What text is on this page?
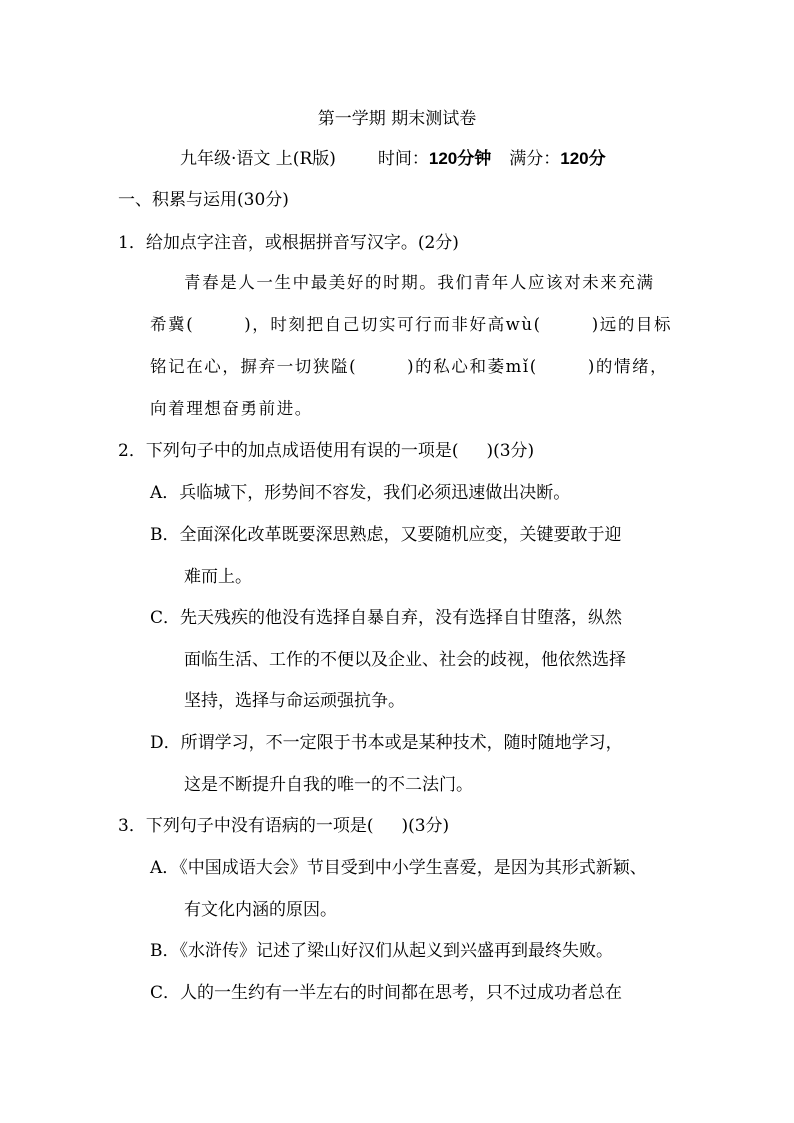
第一学期 期末测试卷
九年级·语文 上(R版) 时间：120分钟 满分：120分
一、积累与运用(30分)
1．给加点字注音，或根据拼音写汉字。(2分)
青春是人一生中最美好的时期。我们青年人应该对未来充满
希冀(	)，时刻把自己切实可行而非好高wù(	)远的目标
铭记在心，摒弃一切狭隘(	)的私心和萎mǐ(	)的情绪，
向着理想奋勇前进。
2．下列句子中的加点成语使用有误的一项是( )(3分)
A．兵临城下，形势间不容发，我们必须迅速做出决断。
B．全面深化改革既要深思熟虑，又要随机应变，关键要敢于迎
难而上。
C．先天残疾的他没有选择自暴自弃，没有选择自甘堕落，纵然
面临生活、工作的不便以及企业、社会的歧视，他依然选择
坚持，选择与命运顽强抗争。
D．所谓学习，不一定限于书本或是某种技术，随时随地学习，
这是不断提升自我的唯一的不二法门。
3．下列句子中没有语病的一项是( )(3分)
A．《中国成语大会》节目受到中小学生喜爱，是因为其形式新颖、
有文化内涵的原因。
B．《水浒传》记述了梁山好汉们从起义到兴盛再到最终失败。
C．人的一生约有一半左右的时间都在思考，只不过成功者总在
